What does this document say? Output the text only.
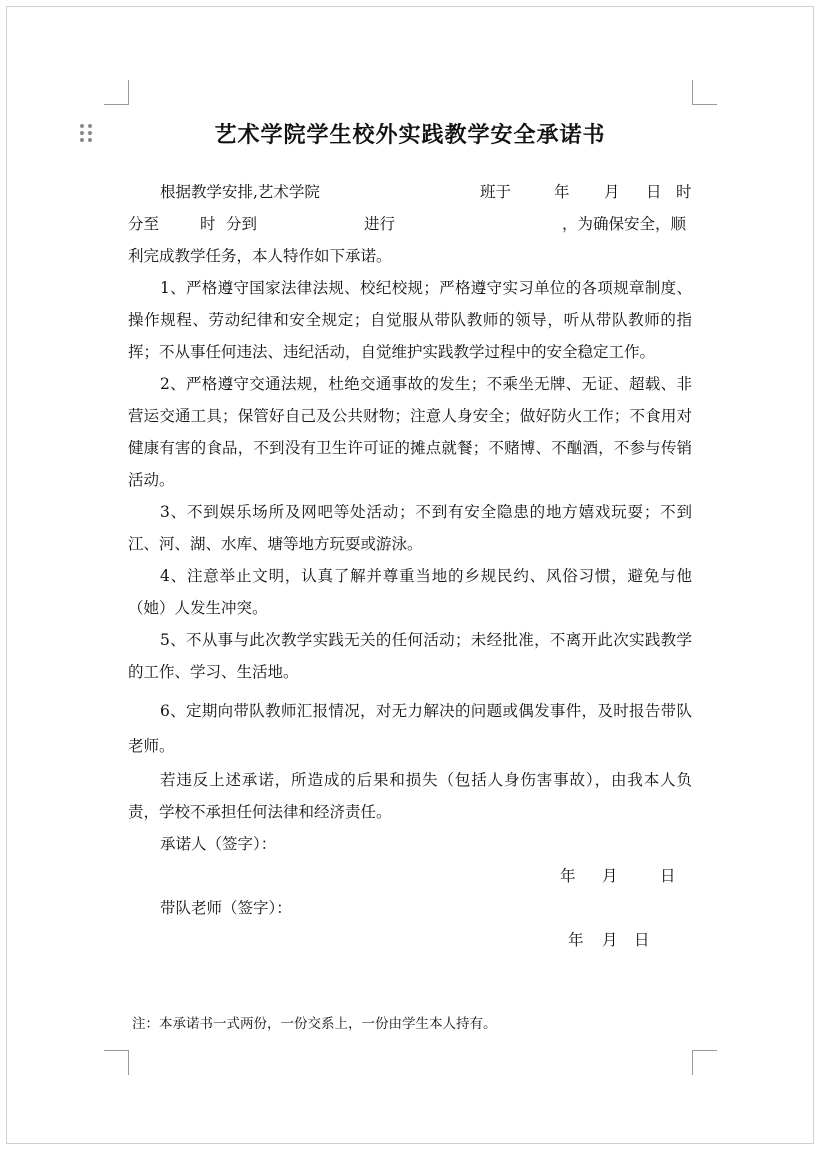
艺术学院学生校外实践教学安全承诺书
根据教学安排,艺术学院	班于	年 月 日 时
分至	时 分到	进行	，为确保安全，顺

利完成教学任务，本人特作如下承诺。

1、严格遵守国家法律法规、校纪校规；严格遵守实习单位的各项规章制度、操作规程、劳动纪律和安全规定；自觉服从带队教师的领导，听从带队教师的指挥；不从事任何违法、违纪活动，自觉维护实践教学过程中的安全稳定工作。

2、严格遵守交通法规，杜绝交通事故的发生；不乘坐无牌、无证、超载、非营运交通工具；保管好自己及公共财物；注意人身安全；做好防火工作；不食用对健康有害的食品，不到没有卫生许可证的摊点就餐；不赌博、不酗酒，不参与传销活动。

3、不到娱乐场所及网吧等处活动；不到有安全隐患的地方嬉戏玩耍；不到江、河、湖、水库、塘等地方玩耍或游泳。

4、注意举止文明，认真了解并尊重当地的乡规民约、风俗习惯，避免与他（她）人发生冲突。

5、不从事与此次教学实践无关的任何活动；未经批准，不离开此次实践教学的工作、学习、生活地。

6、定期向带队教师汇报情况，对无力解决的问题或偶发事件，及时报告带队老师。

若违反上述承诺，所造成的后果和损失（包括人身伤害事故），由我本人负责，学校不承担任何法律和经济责任。

承诺人（签字）：

年 月	日

带队老师（签字）：

年 月 日
注：本承诺书一式两份，一份交系上，一份由学生本人持有。
